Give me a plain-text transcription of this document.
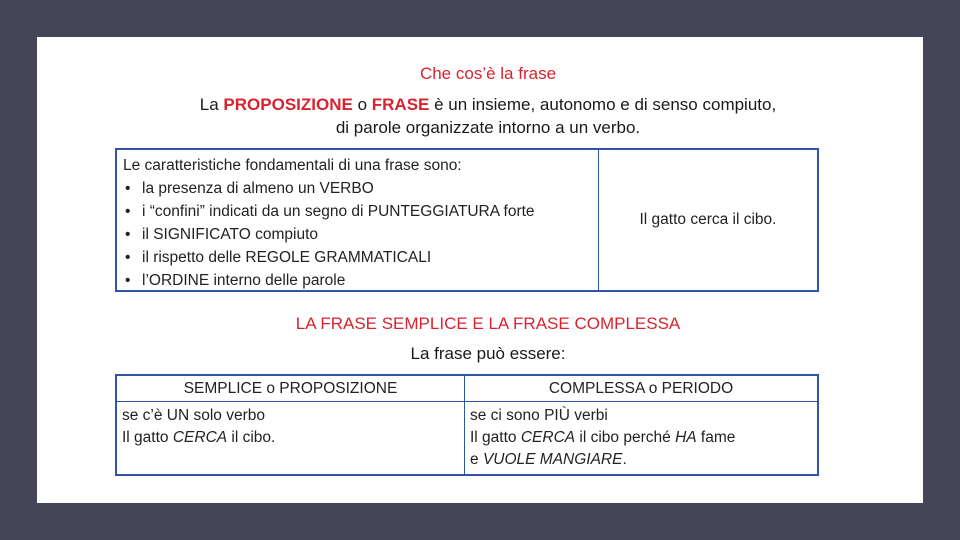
Che cos’è la frase
La PROPOSIZIONE o FRASE è un insieme, autonomo e di senso compiuto,
di parole organizzate intorno a un verbo.
Le caratteristiche fondamentali di una frase sono:
• la presenza di almeno un VERBO
• i “confini” indicati da un segno di PUNTEGGIATURA forte
• il SIGNIFICATO compiuto
• il rispetto delle REGOLE GRAMMATICALI
• l’ORDINE interno delle parole
Il gatto cerca il cibo.
LA FRASE SEMPLICE E LA FRASE COMPLESSA
La frase può essere:
SEMPLICE o PROPOSIZIONE	COMPLESSA o PERIODO
se c’è UN solo verbo
Il gatto CERCA il cibo.
se ci sono PIÙ verbi
Il gatto CERCA il cibo perché HA fame
e VUOLE MANGIARE.
